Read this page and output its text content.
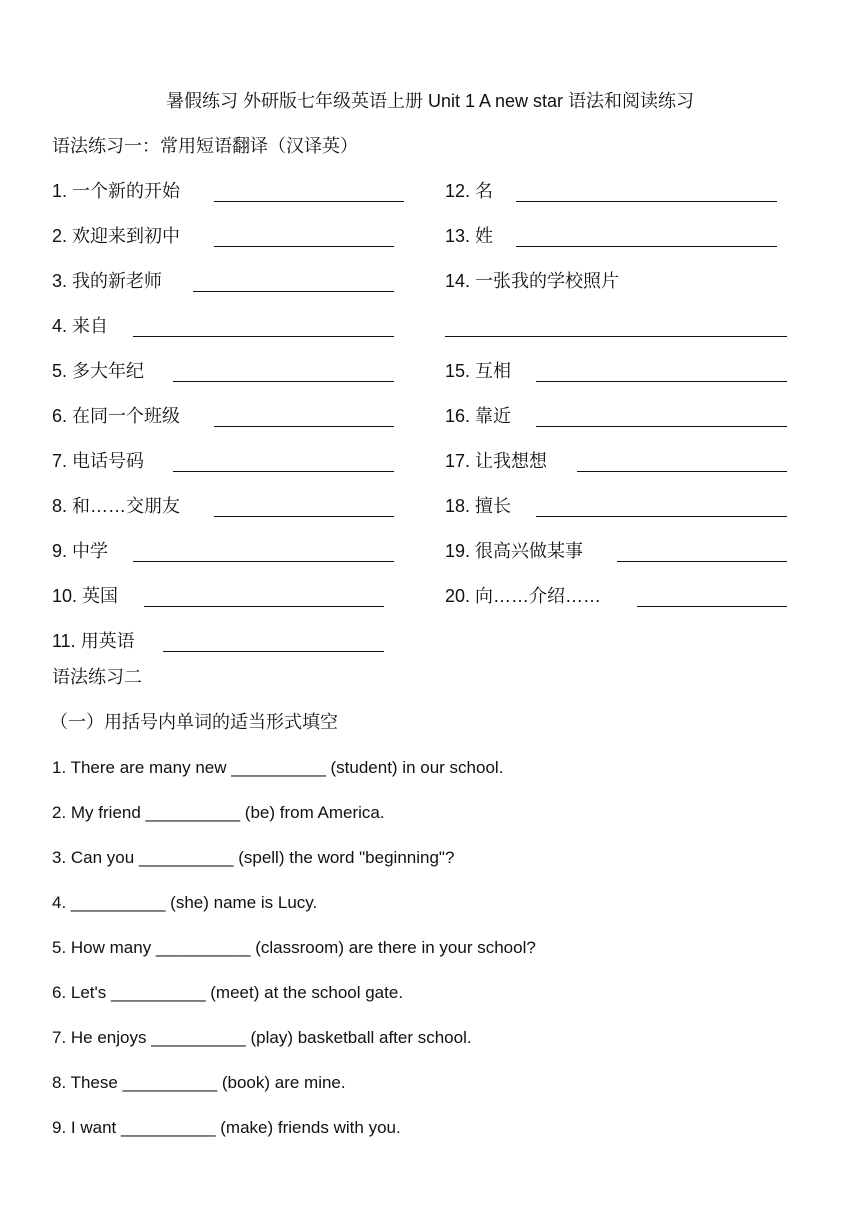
暑假练习 外研版七年级英语上册 Unit 1 A new star 语法和阅读练习
语法练习一：常用短语翻译（汉译英）
1. 一个新的开始
2. 欢迎来到初中
3. 我的新老师
4. 来自
5. 多大年纪
6. 在同一个班级
7. 电话号码
8. 和……交朋友
9. 中学
10. 英国
11. 用英语
12. 名
13. 姓
14. 一张我的学校照片
15. 互相
16. 靠近
17. 让我想想
18. 擅长
19. 很高兴做某事
20. 向……介绍……
语法练习二
（一）用括号内单词的适当形式填空
1. There are many new __________ (student) in our school.
2. My friend __________ (be) from America.
3. Can you __________ (spell) the word "beginning"?
4. __________ (she) name is Lucy.
5. How many __________ (classroom) are there in your school?
6. Let's __________ (meet) at the school gate.
7. He enjoys __________ (play) basketball after school.
8. These __________ (book) are mine.
9. I want __________ (make) friends with you.
